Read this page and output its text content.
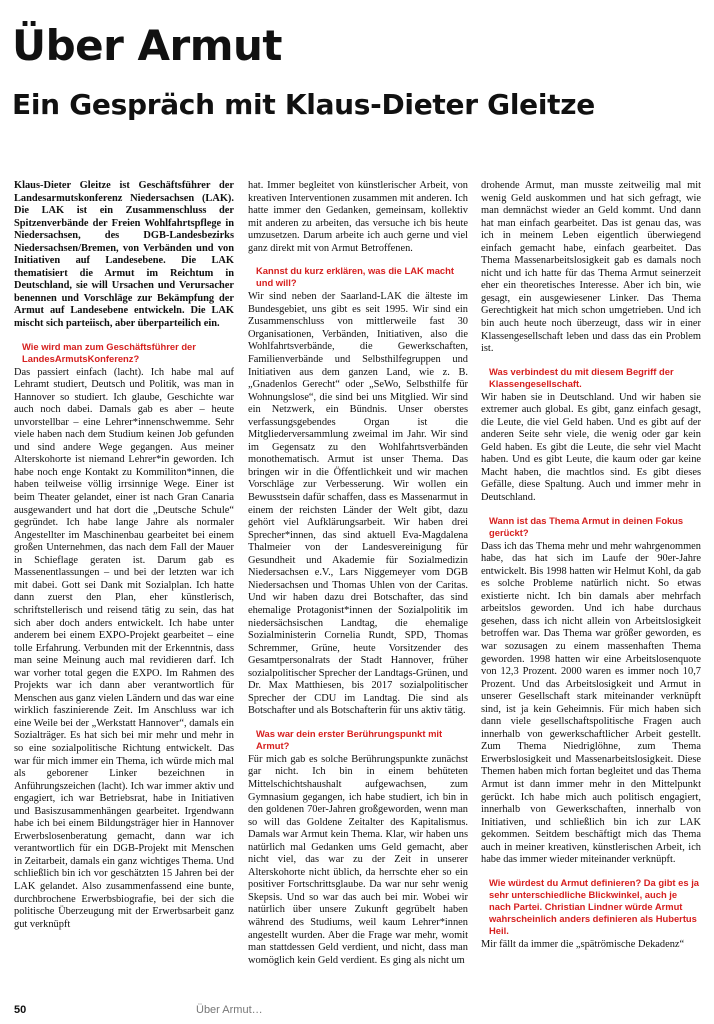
Über Armut
Ein Gespräch mit Klaus-Dieter Gleitze

Klaus-Dieter Gleitze ist Geschäftsführer der Landesarmutskonferenz Niedersachsen (LAK). Die LAK ist ein Zusammenschluss der Spitzenverbände der Freien Wohlfahrtspflege in Niedersachsen, des DGB-Landesbezirks Niedersachsen/Bremen, von Verbänden und von Initiativen auf Landesebene. Die LAK thematisiert die Armut im Reichtum in Deutschland, sie will Ursachen und Verursacher benennen und Vorschläge zur Bekämpfung der Armut auf Landesebene entwickeln. Die LAK mischt sich parteiisch, aber überparteilich ein.

Wie wird man zum Geschäftsführer der LandesArmutsKonferenz?

Das passiert einfach (lacht). Ich habe mal auf Lehramt studiert, Deutsch und Politik, was man in Hannover so studiert. Ich glaube, Geschichte war auch noch dabei. Damals gab es aber – heute unvorstellbar – eine Lehrer*innenschwemme. Sehr viele haben nach dem Studium keinen Job gefunden und sind andere Wege gegangen. Aus meiner Alterskohorte ist niemand Lehrer*in geworden. Ich habe noch enge Kontakt zu Kommiliton*innen, die haben teilweise völlig irrsinnige Wege. Einer ist beim Theater gelandet, einer ist nach Gran Canaria ausgewandert und hat dort die „Deutsche Schule“ gegründet. Ich habe lange Jahre als normaler Angestellter im Maschinenbau gearbeitet bei einem großen Unternehmen, das nach dem Fall der Mauer in Schieflage geraten ist. Darum gab es Massenentlassungen – und bei der letzten war ich mit dabei. Gott sei Dank mit Sozialplan. Ich hatte dann zuerst den Plan, eher künstlerisch, schriftstellerisch und reisend tätig zu sein, das hat sich aber doch anders entwickelt. Ich habe unter anderem bei einem EXPO-Projekt gearbeitet – eine tolle Erfahrung. Verbunden mit der Erkenntnis, dass man seine Meinung auch mal revidieren darf. Ich war vorher total gegen die EXPO. Im Rahmen des Projekts war ich dann aber verantwortlich für Menschen aus ganz vielen Ländern und das war eine wirklich faszinierende Zeit. Im Anschluss war ich eine Weile bei der „Werkstatt Hannover“, damals ein Sozialträger. Es hat sich bei mir mehr und mehr in so eine sozialpolitische Richtung entwickelt. Das war für mich immer ein Thema, ich würde mich mal als geborener Linker bezeichnen in Anführungszeichen (lacht). Ich war immer aktiv und engagiert, ich war Betriebsrat, habe in Initiativen und Basiszusammenhängen gearbeitet. Irgendwann habe ich bei einem Bildungsträger hier in Hannover Erwerbslosenberatung gemacht, dann war ich verantwortlich für ein DGB-Projekt mit Menschen in Zeitarbeit, damals ein ganz wichtiges Thema. Und schließlich bin ich vor geschätzten 15 Jahren bei der LAK gelandet. Also zusammenfassend eine bunte, durchbrochene Erwerbsbiografie, bei der sich die politische Überzeugung mit der Erwerbsarbeit ganz gut verknüpft

hat. Immer begleitet von künstlerischer Arbeit, von kreativen Interventionen zusammen mit anderen. Ich hatte immer den Gedanken, gemeinsam, kollektiv mit anderen zu arbeiten, das versuche ich bis heute umzusetzen. Darum arbeite ich auch gerne und viel ganz direkt mit von Armut Betroffenen.

Kannst du kurz erklären, was die LAK macht und will?

Wir sind neben der Saarland-LAK die älteste im Bundesgebiet, uns gibt es seit 1995. Wir sind ein Zusammenschluss von mittlerweile fast 30 Organisationen, Verbänden, Initiativen, also die Wohlfahrtsverbände, die Gewerkschaften, Familienverbände und Selbsthilfegruppen und Initiativen aus dem ganzen Land, wie z. B. „Gnadenlos Gerecht“ oder „SeWo, Selbsthilfe für Wohnungslose“, die sind bei uns Mitglied. Wir sind ein Netzwerk, ein Bündnis. Unser oberstes verfassungsgebendes Organ ist die Mitgliederversammlung zweimal im Jahr. Wir sind im Gegensatz zu den Wohlfahrtsverbänden monothematisch. Armut ist unser Thema. Das bringen wir in die Öffentlichkeit und wir machen Vorschläge zur Verbesserung. Wir wollen ein Bewusstsein dafür schaffen, dass es Massenarmut in einem der reichsten Länder der Welt gibt, dazu gehört viel Aufklärungsarbeit. Wir haben drei Sprecher*innen, das sind aktuell Eva-Magdalena Thalmeier von der Landesvereinigung für Gesundheit und Akademie für Sozialmedizin Niedersachsen e.V., Lars Niggemeyer vom DGB Niedersachsen und Thomas Uhlen von der Caritas. Und wir haben dazu drei Botschafter, das sind ehemalige Protagonist*innen der Sozialpolitik im niedersächsischen Landtag, die ehemalige Sozialministerin Cornelia Rundt, SPD, Thomas Schremmer, Grüne, heute Vorsitzender des Gesamtpersonalrats der Stadt Hannover, früher sozialpolitischer Sprecher der Landtags-Grünen, und Dr. Max Matthiesen, bis 2017 sozialpolitischer Sprecher der CDU im Landtag. Die sind als Botschafter und als Botschafterin für uns aktiv tätig.

Was war dein erster Berührungspunkt mit Armut?

Für mich gab es solche Berührungspunkte zunächst gar nicht. Ich bin in einem behüteten Mittelschichtshaushalt aufgewachsen, zum Gymnasium gegangen, ich habe studiert, ich bin in den goldenen 70er-Jahren großgeworden, wenn man so will das Goldene Zeitalter des Kapitalismus. Damals war Armut kein Thema. Klar, wir haben uns natürlich mal Gedanken ums Geld gemacht, aber nicht viel, das war zu der Zeit in unserer Alterskohorte nicht üblich, da herrschte eher so ein positiver Fortschrittsglaube. Da war nur sehr wenig Skepsis. Und so war das auch bei mir. Wobei wir natürlich über unsere Zukunft gegrübelt haben während des Studiums, weil kaum Lehrer*innen angestellt wurden. Aber die Frage war mehr, womit man stattdessen Geld verdient, und nicht, dass man womöglich kein Geld verdient. Es ging als nicht um

drohende Armut, man musste zeitweilig mal mit wenig Geld auskommen und hat sich gefragt, wie man demnächst wieder an Geld kommt. Und dann hat man einfach gearbeitet. Das ist genau das, was ich in meinem Leben eigentlich überwiegend einfach gemacht habe, einfach gearbeitet. Das Thema Massenarbeitslosigkeit gab es damals noch nicht und ich hatte für das Thema Armut seinerzeit eher ein theoretisches Interesse. Aber ich bin, wie gesagt, ein ausgewiesener Linker. Das Thema Gerechtigkeit hat mich schon umgetrieben. Und ich bin auch heute noch überzeugt, dass wir in einer Klassengesellschaft leben und dass das ein Problem ist.

Was verbindest du mit diesem Begriff der Klassengesellschaft.

Wir haben sie in Deutschland. Und wir haben sie extremer auch global. Es gibt, ganz einfach gesagt, die Leute, die viel Geld haben. Und es gibt auf der anderen Seite sehr viele, die wenig oder gar kein Geld haben. Es gibt die Leute, die sehr viel Macht haben. Und es gibt Leute, die kaum oder gar keine Macht haben, die machtlos sind. Es gibt dieses Gefälle, diese Spaltung. Auch und immer mehr in Deutschland.

Wann ist das Thema Armut in deinen Fokus gerückt?

Dass ich das Thema mehr und mehr wahrgenommen habe, das hat sich im Laufe der 90er-Jahre entwickelt. Bis 1998 hatten wir Helmut Kohl, da gab es solche Probleme natürlich nicht. So etwas existierte nicht. Ich bin damals aber mehrfach arbeitslos geworden. Und ich habe durchaus gesehen, dass ich nicht allein von Arbeitslosigkeit betroffen war. Das Thema war größer geworden, es war sozusagen zu einem massenhaften Thema geworden. 1998 hatten wir eine Arbeitslosenquote von 12,3 Prozent. 2000 waren es immer noch 10,7 Prozent. Und das Arbeitslosigkeit und Armut in unserer Gesellschaft stark miteinander verknüpft sind, ist ja kein Geheimnis. Für mich haben sich dann viele gesellschaftspolitische Fragen auch innerhalb von gewerkschaftlicher Arbeit gestellt. Zum Thema Niedriglöhne, zum Thema Erwerbslosigkeit und Massenarbeitslosigkeit. Diese Themen haben mich fortan begleitet und das Thema Armut ist dann immer mehr in den Mittelpunkt gerückt. Ich habe mich auch politisch engagiert, innerhalb von Gewerkschaften, innerhalb von Initiativen, und schließlich bin ich zur LAK gekommen. Seitdem beschäftigt mich das Thema auch in meiner kreativen, künstlerischen Arbeit, ich habe das immer wieder miteinander verknüpft.

Wie würdest du Armut definieren? Da gibt es ja sehr unterschiedliche Blickwinkel, auch je nach Partei. Christian Lindner würde Armut wahrscheinlich anders definieren als Hubertus Heil.

Mir fällt da immer die „spätrömische Dekadenz“

50	Über Armut…
